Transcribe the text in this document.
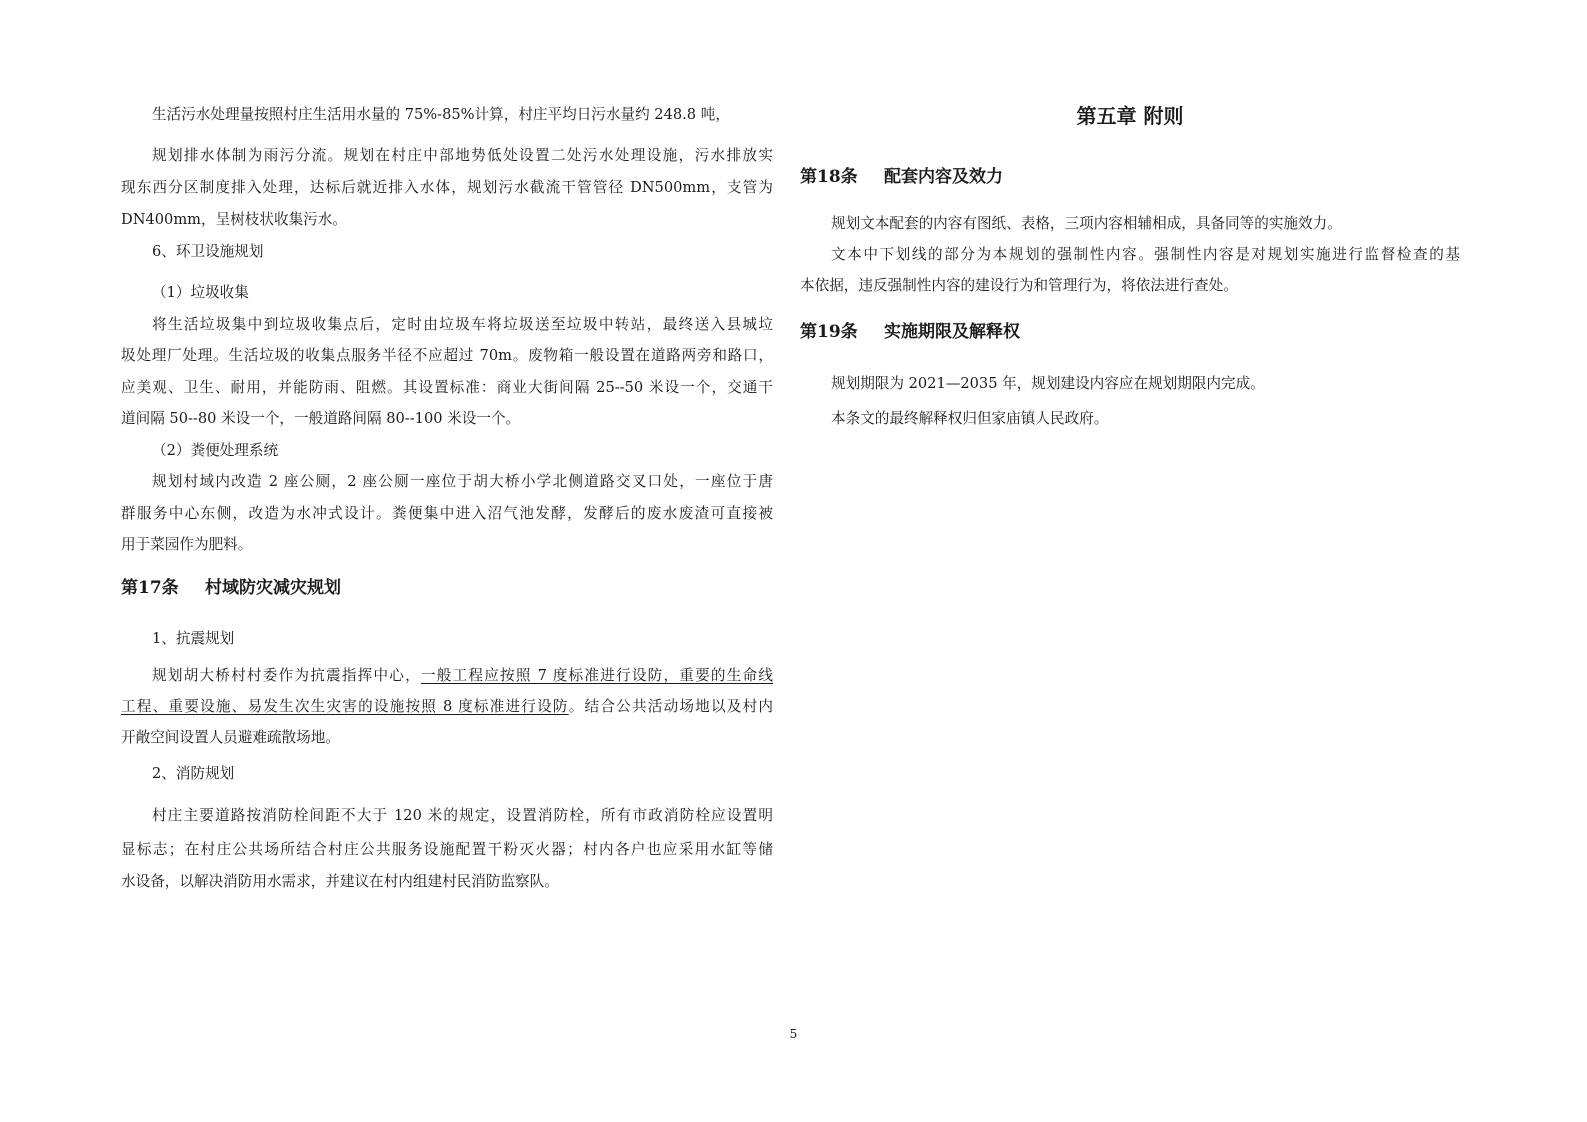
生活污水处理量按照村庄生活用水量的 75%-85%计算，村庄平均日污水量约 248.8 吨，
规划排水体制为雨污分流。规划在村庄中部地势低处设置二处污水处理设施，污水排放实
现东西分区制度排入处理，达标后就近排入水体，规划污水截流干管管径 DN500mm，支管为
DN400mm，呈树枝状收集污水。
6、环卫设施规划
（1）垃圾收集
将生活垃圾集中到垃圾收集点后，定时由垃圾车将垃圾送至垃圾中转站，最终送入县城垃
圾处理厂处理。生活垃圾的收集点服务半径不应超过 70m。废物箱一般设置在道路两旁和路口，
应美观、卫生、耐用，并能防雨、阻燃。其设置标准：商业大街间隔 25--50 米设一个，交通干
道间隔 50--80 米设一个，一般道路间隔 80--100 米设一个。
（2）粪便处理系统
规划村域内改造 2 座公厕，2 座公厕一座位于胡大桥小学北侧道路交叉口处，一座位于唐
群服务中心东侧，改造为水冲式设计。粪便集中进入沼气池发酵，发酵后的废水废渣可直接被
用于菜园作为肥料。
第17条 村域防灾减灾规划
1、抗震规划
规划胡大桥村村委作为抗震指挥中心，一般工程应按照 7 度标准进行设防，重要的生命线
工程、重要设施、易发生次生灾害的设施按照 8 度标准进行设防。结合公共活动场地以及村内
开敞空间设置人员避难疏散场地。
2、消防规划
村庄主要道路按消防栓间距不大于 120 米的规定，设置消防栓，所有市政消防栓应设置明
显标志；在村庄公共场所结合村庄公共服务设施配置干粉灭火器；村内各户也应采用水缸等储
水设备，以解决消防用水需求，并建议在村内组建村民消防监察队。
第五章 附则
第18条 配套内容及效力
规划文本配套的内容有图纸、表格，三项内容相辅相成，具备同等的实施效力。
文本中下划线的部分为本规划的强制性内容。强制性内容是对规划实施进行监督检查的基
本依据，违反强制性内容的建设行为和管理行为，将依法进行查处。
第19条 实施期限及解释权
规划期限为 2021—2035 年，规划建设内容应在规划期限内完成。
本条文的最终解释权归但家庙镇人民政府。
5
